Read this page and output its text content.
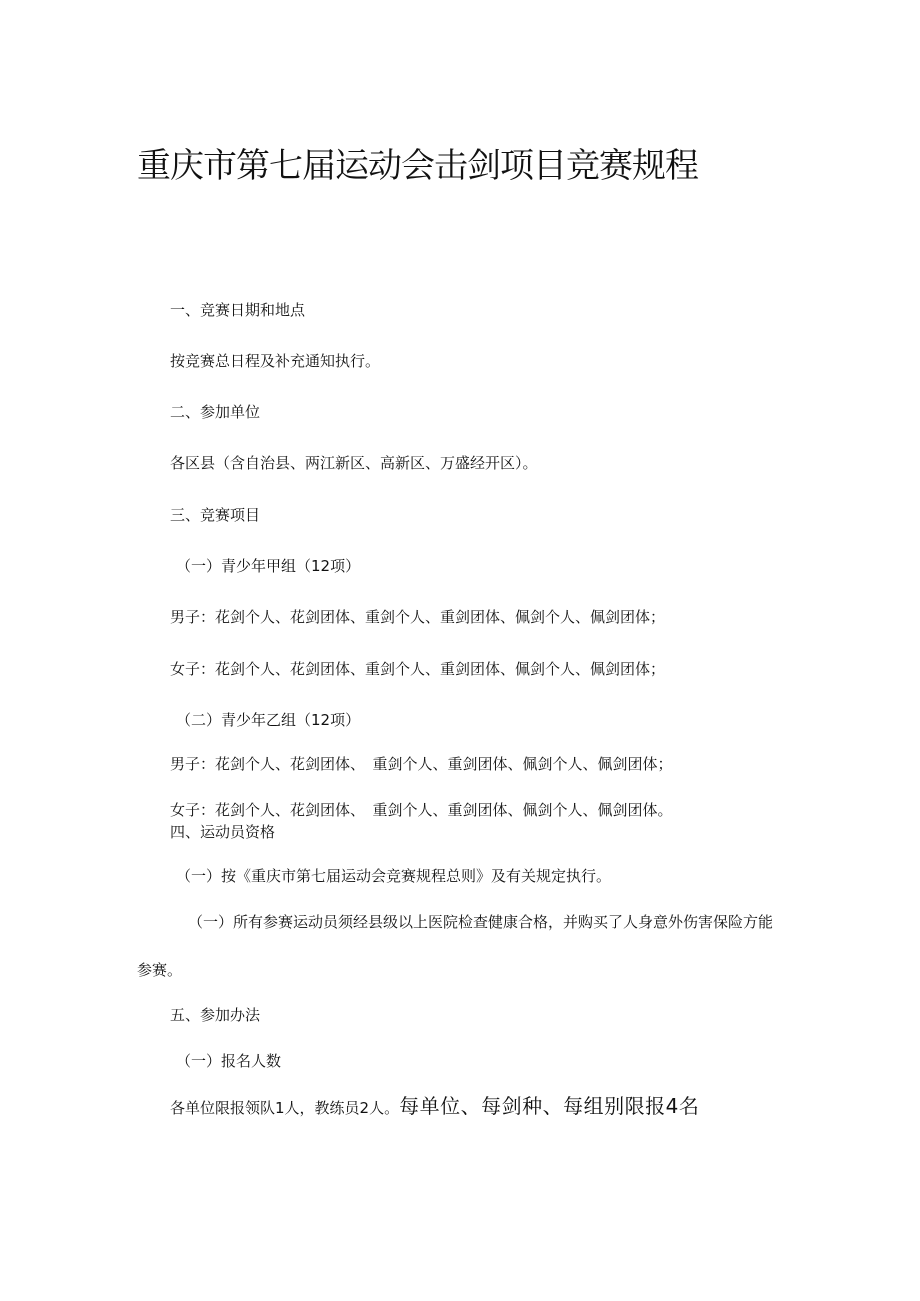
重庆市第七届运动会击剑项目竞赛规程
一、竞赛日期和地点
按竞赛总日程及补充通知执行。
二、参加单位
各区县（含自治县、两江新区、高新区、万盛经开区）。
三、竞赛项目
（一）青少年甲组（12项）
男子：花剑个人、花剑团体、重剑个人、重剑团体、佩剑个人、佩剑团体；
女子：花剑个人、花剑团体、重剑个人、重剑团体、佩剑个人、佩剑团体；
（二）青少年乙组（12项）
男子：花剑个人、花剑团体、　重剑个人、重剑团体、佩剑个人、佩剑团体；
女子：花剑个人、花剑团体、　重剑个人、重剑团体、佩剑个人、佩剑团体。
四、运动员资格
（一）按《重庆市第七届运动会竞赛规程总则》及有关规定执行。
（一）所有参赛运动员须经县级以上医院检查健康合格，并购买了人身意外伤害保险方能
参赛。
五、参加办法
（一）报名人数
各单位限报领队1人，教练员2人。每单位、每剑种、每组别限报4名
